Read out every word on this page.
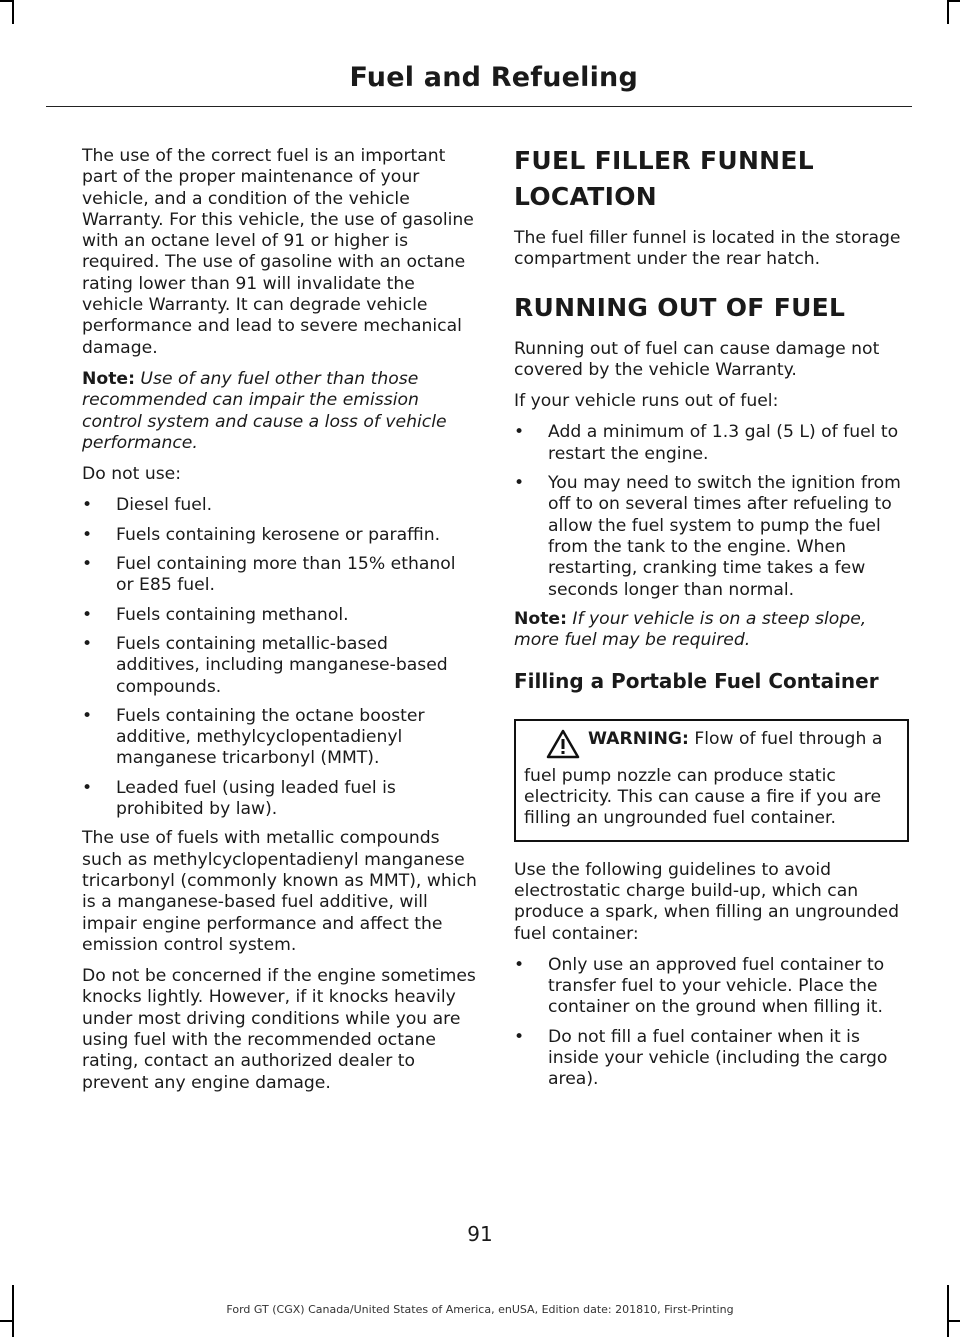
Fuel and Refueling

The use of the correct fuel is an important part of the proper maintenance of your vehicle, and a condition of the vehicle Warranty. For this vehicle, the use of gasoline with an octane level of 91 or higher is required. The use of gasoline with an octane rating lower than 91 will invalidate the vehicle Warranty. It can degrade vehicle performance and lead to severe mechanical damage.

Note: Use of any fuel other than those recommended can impair the emission control system and cause a loss of vehicle performance.

Do not use:

• Diesel fuel.
• Fuels containing kerosene or paraffin.
• Fuel containing more than 15% ethanol or E85 fuel.
• Fuels containing methanol.
• Fuels containing metallic-based additives, including manganese-based compounds.
• Fuels containing the octane booster additive, methylcyclopentadienyl manganese tricarbonyl (MMT).
• Leaded fuel (using leaded fuel is prohibited by law).

The use of fuels with metallic compounds such as methylcyclopentadienyl manganese tricarbonyl (commonly known as MMT), which is a manganese-based fuel additive, will impair engine performance and affect the emission control system.

Do not be concerned if the engine sometimes knocks lightly. However, if it knocks heavily under most driving conditions while you are using fuel with the recommended octane rating, contact an authorized dealer to prevent any engine damage.

FUEL FILLER FUNNEL
LOCATION

The fuel filler funnel is located in the storage compartment under the rear hatch.

RUNNING OUT OF FUEL

Running out of fuel can cause damage not covered by the vehicle Warranty.

If your vehicle runs out of fuel:

• Add a minimum of 1.3 gal (5 L) of fuel to restart the engine.
• You may need to switch the ignition from off to on several times after refueling to allow the fuel system to pump the fuel from the tank to the engine. When restarting, cranking time takes a few seconds longer than normal.

Note: If your vehicle is on a steep slope, more fuel may be required.

Filling a Portable Fuel Container
WARNING: Flow of fuel through a fuel pump nozzle can produce static electricity. This can cause a fire if you are filling an ungrounded fuel container.

Use the following guidelines to avoid electrostatic charge build-up, which can produce a spark, when filling an ungrounded fuel container:

• Only use an approved fuel container to transfer fuel to your vehicle. Place the container on the ground when filling it.
• Do not fill a fuel container when it is inside your vehicle (including the cargo area).
91
Ford GT (CGX) Canada/United States of America, enUSA, Edition date: 201810, First-Printing
